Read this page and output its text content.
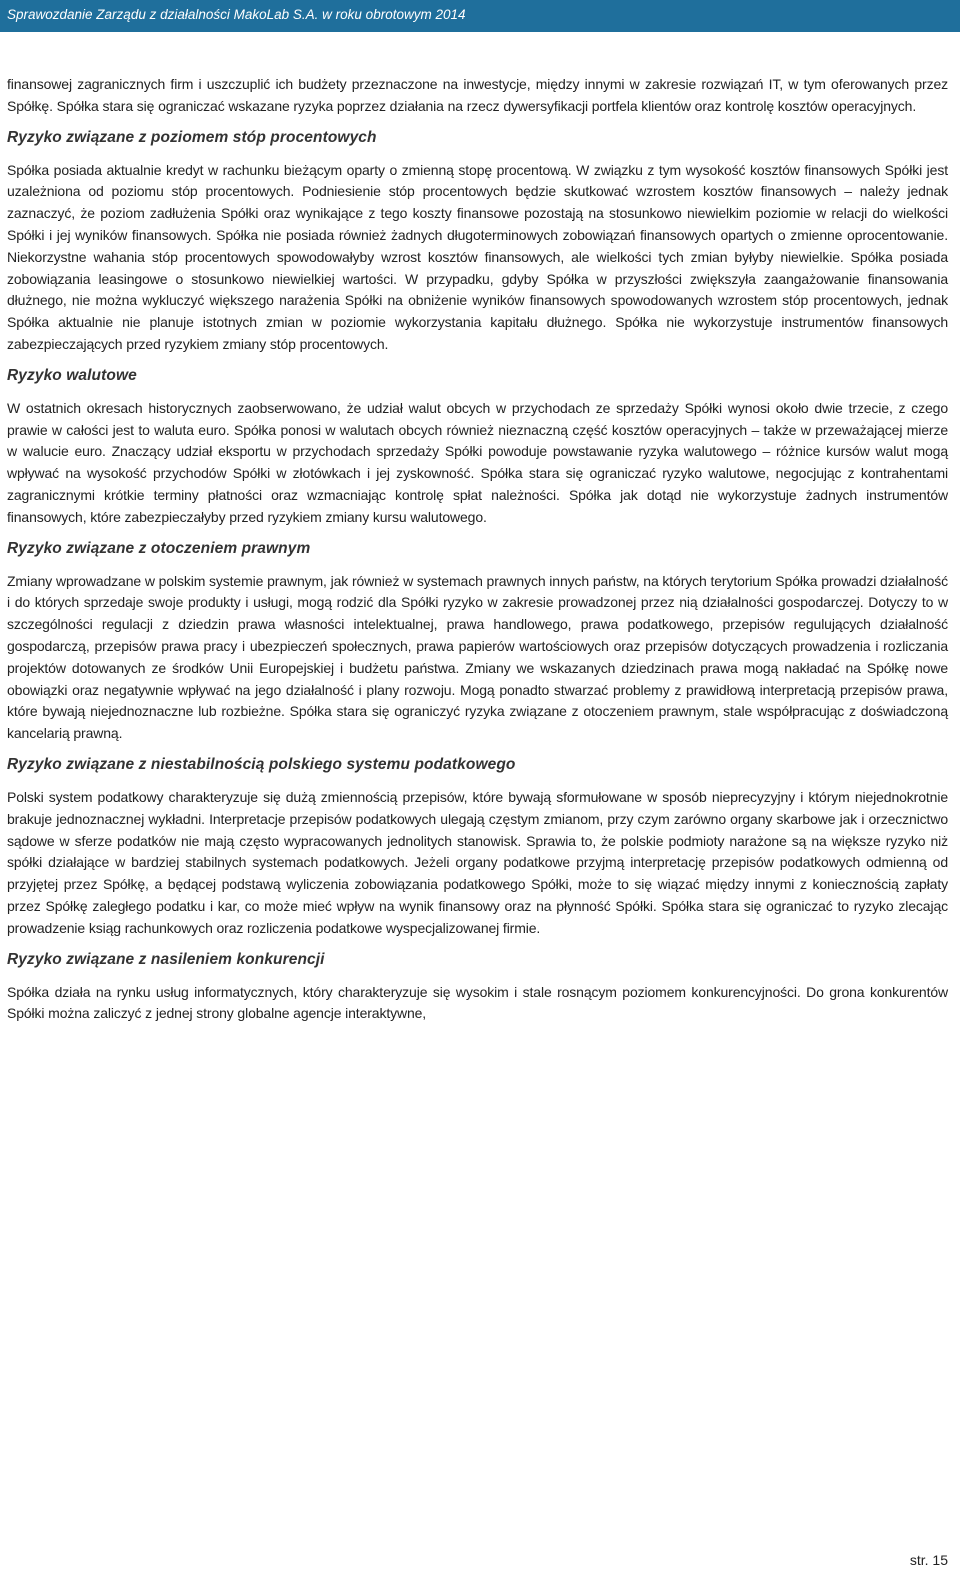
Sprawozdanie Zarządu z działalności MakoLab S.A. w roku obrotowym 2014

finansowej zagranicznych firm i uszczuplić ich budżety przeznaczone na inwestycje, między innymi w zakresie rozwiązań IT, w tym oferowanych przez Spółkę. Spółka stara się ograniczać wskazane ryzyka poprzez działania na rzecz dywersyfikacji portfela klientów oraz kontrolę kosztów operacyjnych.

Ryzyko związane z poziomem stóp procentowych

Spółka posiada aktualnie kredyt w rachunku bieżącym oparty o zmienną stopę procentową. W związku z tym wysokość kosztów finansowych Spółki jest uzależniona od poziomu stóp procentowych. Podniesienie stóp procentowych będzie skutkować wzrostem kosztów finansowych – należy jednak zaznaczyć, że poziom zadłużenia Spółki oraz wynikające z tego koszty finansowe pozostają na stosunkowo niewielkim poziomie w relacji do wielkości Spółki i jej wyników finansowych. Spółka nie posiada również żadnych długoterminowych zobowiązań finansowych opartych o zmienne oprocentowanie. Niekorzystne wahania stóp procentowych spowodowałyby wzrost kosztów finansowych, ale wielkości tych zmian byłyby niewielkie. Spółka posiada zobowiązania leasingowe o stosunkowo niewielkiej wartości. W przypadku, gdyby Spółka w przyszłości zwiększyła zaangażowanie finansowania dłużnego, nie można wykluczyć większego narażenia Spółki na obniżenie wyników finansowych spowodowanych wzrostem stóp procentowych, jednak Spółka aktualnie nie planuje istotnych zmian w poziomie wykorzystania kapitału dłużnego. Spółka nie wykorzystuje instrumentów finansowych zabezpieczających przed ryzykiem zmiany stóp procentowych.

Ryzyko walutowe

W ostatnich okresach historycznych zaobserwowano, że udział walut obcych w przychodach ze sprzedaży Spółki wynosi około dwie trzecie, z czego prawie w całości jest to waluta euro. Spółka ponosi w walutach obcych również nieznaczną część kosztów operacyjnych – także w przeważającej mierze w walucie euro. Znaczący udział eksportu w przychodach sprzedaży Spółki powoduje powstawanie ryzyka walutowego – różnice kursów walut mogą wpływać na wysokość przychodów Spółki w złotówkach i jej zyskowność. Spółka stara się ograniczać ryzyko walutowe, negocjując z kontrahentami zagranicznymi krótkie terminy płatności oraz wzmacniając kontrolę spłat należności. Spółka jak dotąd nie wykorzystuje żadnych instrumentów finansowych, które zabezpieczałyby przed ryzykiem zmiany kursu walutowego.

Ryzyko związane z otoczeniem prawnym

Zmiany wprowadzane w polskim systemie prawnym, jak również w systemach prawnych innych państw, na których terytorium Spółka prowadzi działalność i do których sprzedaje swoje produkty i usługi, mogą rodzić dla Spółki ryzyko w zakresie prowadzonej przez nią działalności gospodarczej. Dotyczy to w szczególności regulacji z dziedzin prawa własności intelektualnej, prawa handlowego, prawa podatkowego, przepisów regulujących działalność gospodarczą, przepisów prawa pracy i ubezpieczeń społecznych, prawa papierów wartościowych oraz przepisów dotyczących prowadzenia i rozliczania projektów dotowanych ze środków Unii Europejskiej i budżetu państwa. Zmiany we wskazanych dziedzinach prawa mogą nakładać na Spółkę nowe obowiązki oraz negatywnie wpływać na jego działalność i plany rozwoju. Mogą ponadto stwarzać problemy z prawidłową interpretacją przepisów prawa, które bywają niejednoznaczne lub rozbieżne. Spółka stara się ograniczyć ryzyka związane z otoczeniem prawnym, stale współpracując z doświadczoną kancelarią prawną.

Ryzyko związane z niestabilnością polskiego systemu podatkowego

Polski system podatkowy charakteryzuje się dużą zmiennością przepisów, które bywają sformułowane w sposób nieprecyzyjny i którym niejednokrotnie brakuje jednoznacznej wykładni. Interpretacje przepisów podatkowych ulegają częstym zmianom, przy czym zarówno organy skarbowe jak i orzecznictwo sądowe w sferze podatków nie mają często wypracowanych jednolitych stanowisk. Sprawia to, że polskie podmioty narażone są na większe ryzyko niż spółki działające w bardziej stabilnych systemach podatkowych. Jeżeli organy podatkowe przyjmą interpretację przepisów podatkowych odmienną od przyjętej przez Spółkę, a będącej podstawą wyliczenia zobowiązania podatkowego Spółki, może to się wiązać między innymi z koniecznością zapłaty przez Spółkę zaległego podatku i kar, co może mieć wpływ na wynik finansowy oraz na płynność Spółki. Spółka stara się ograniczać to ryzyko zlecając prowadzenie ksiąg rachunkowych oraz rozliczenia podatkowe wyspecjalizowanej firmie.

Ryzyko związane z nasileniem konkurencji

Spółka działa na rynku usług informatycznych, który charakteryzuje się wysokim i stale rosnącym poziomem konkurencyjności. Do grona konkurentów Spółki można zaliczyć z jednej strony globalne agencje interaktywne,

str. 15
